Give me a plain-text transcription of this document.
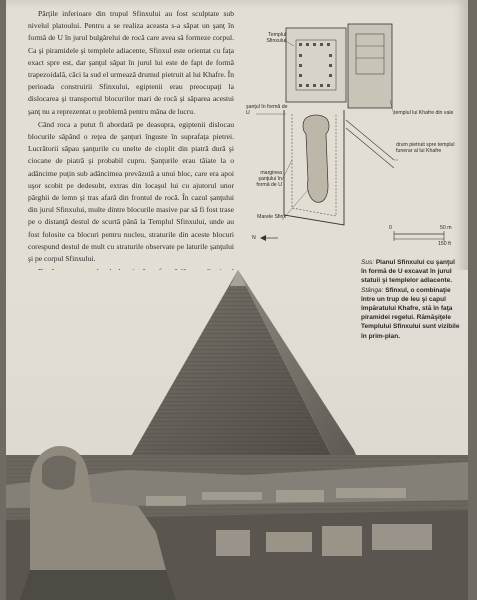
Părţile inferioare din trupul Sfinxului au fost sculptate sub nivelul platoului. Pentru a se realiza aceasta s-a săpat un şanţ în formă de U în jurul bulgărelui de rocă care avea să formeze corpul. Ca şi piramidele şi templele adiacente, Sfinxul este orientat cu faţa exact spre est, dar şanţul săpat în jurul lui este de fapt de formă trapezoidală, căci la sud el urmează drumul pietruit al lui Khafre. În perioada construirii Sfinxului, egiptenii erau preocupaţi la dislocarea şi transportul blocurilor mari de rocă şi săparea acestui şanţ nu a reprezentat o problemă pentru mâna de lucru.

Când roca a putut fi abordată pe deasupra, egiptenii dislocau blocurile săpând o reţea de şanţuri înguste în suprafaţa pietrei. Lucrătorii săpau şanţurile cu unelte de cioplit din piatră dură şi ciocane de piatră şi probabil cupru. Şanţurile erau tăiate la o adâncime puţin sub adâncimea prevăzută a unui bloc, care era apoi uşor scobit pe dedesubt, extras din locaşul lui cu ajutorul unor pârghii de lemn şi tras afară din frontul de rocă. În cazul şanţului din jurul Sfinxului, multe dintre blocurile masive par să fi fost trase pe o distanţă destul de scurtă până la Templul Sfinxului, unde au fost folosite ca blocuri pentru nucleu, straturile din aceste blocuri corespund destul de mult cu straturile observate pe laturile şanţului şi pe corpul Sfinxului.

Templul Sfinxului
şanţul în formă de U	templul lui Khafre din vale
marginea şanţului în formă de U
drum pietruit spre templul funerar al lui Khafre
Marele Sfinx
N
0	50 m
150 ft
Sus: Planul Sfinxului cu şanţul în formă de U excavat în jurul statuii şi templelor adiacente.
Stânga: Sfinxul, o combinaţie între un trup de leu şi capul împăratului Khafre, stă în faţa piramidei regelui. Rămăşiţele Templului Sfinxului sunt vizibile în prim-plan.
